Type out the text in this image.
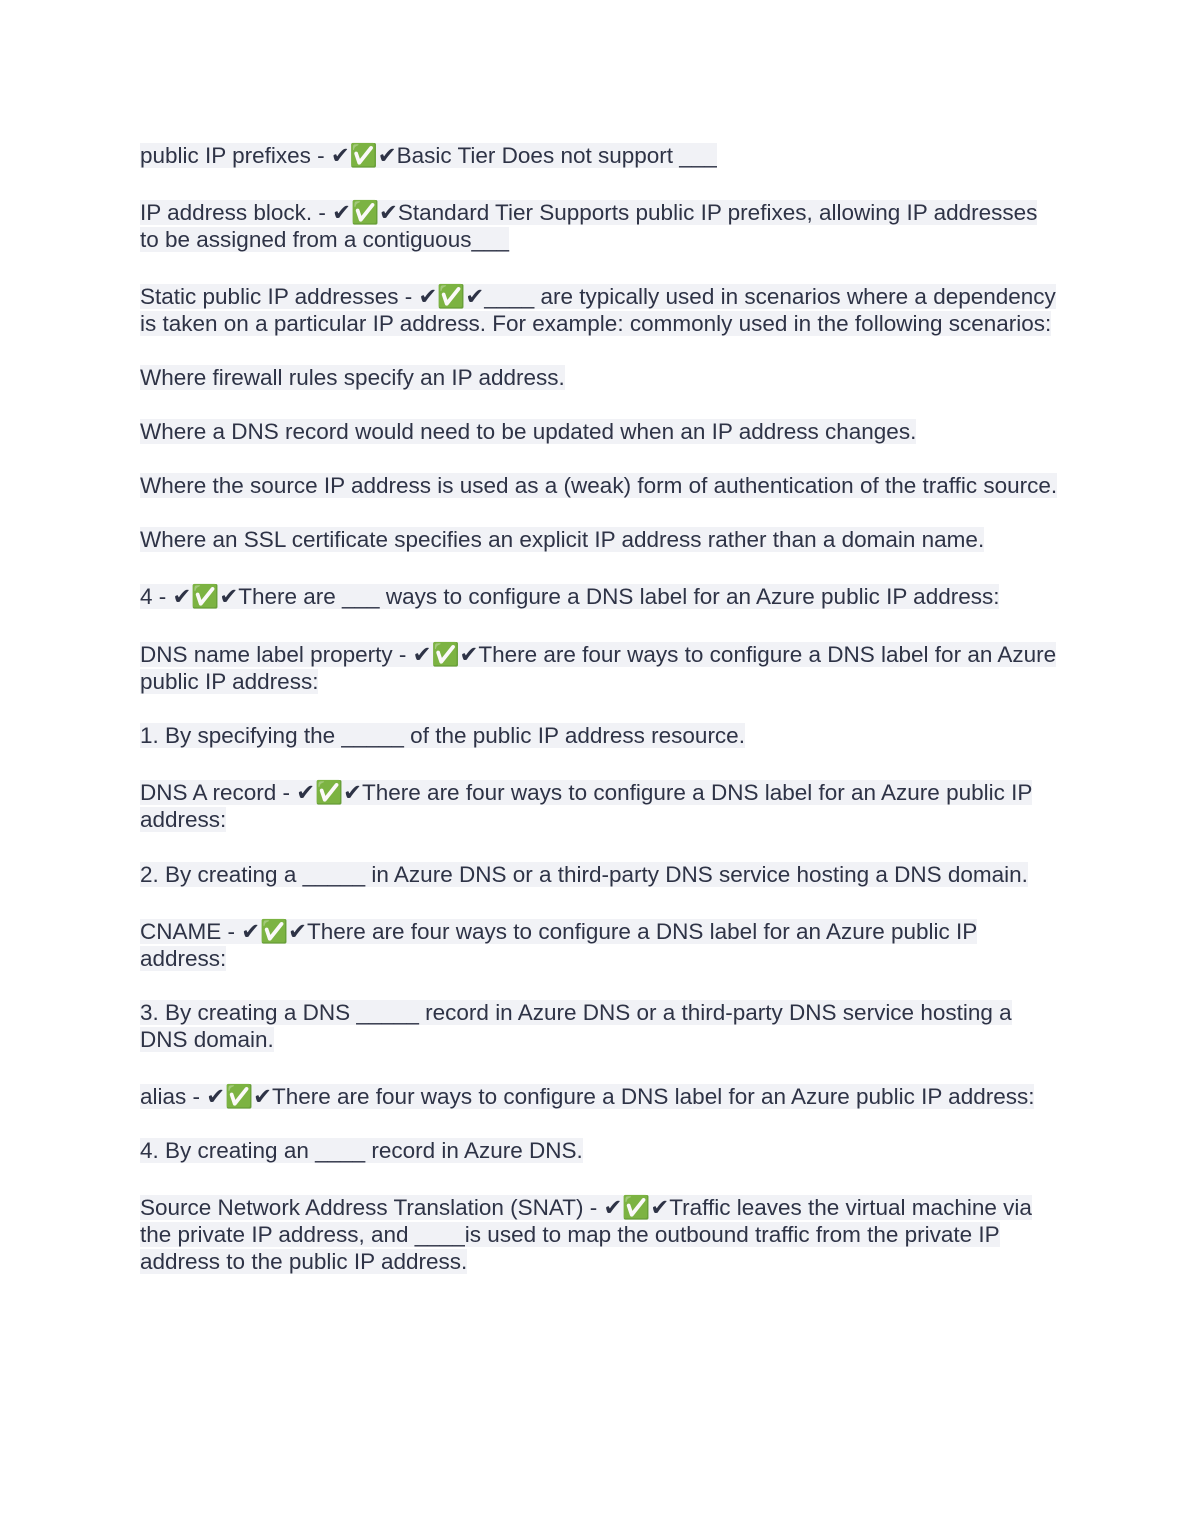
public IP prefixes - ✔✅✔Basic Tier Does not support ___

IP address block. - ✔✅✔Standard Tier Supports public IP prefixes, allowing IP addresses to be assigned from a contiguous___

Static public IP addresses - ✔✅✔____ are typically used in scenarios where a dependency is taken on a particular IP address. For example: commonly used in the following scenarios:

Where firewall rules specify an IP address.

Where a DNS record would need to be updated when an IP address changes.

Where the source IP address is used as a (weak) form of authentication of the traffic source.

Where an SSL certificate specifies an explicit IP address rather than a domain name.

4 - ✔✅✔There are ___ ways to configure a DNS label for an Azure public IP address:

DNS name label property - ✔✅✔There are four ways to configure a DNS label for an Azure public IP address:

1. By specifying the _____ of the public IP address resource.

DNS A record - ✔✅✔There are four ways to configure a DNS label for an Azure public IP address:

2. By creating a _____ in Azure DNS or a third-party DNS service hosting a DNS domain.

CNAME - ✔✅✔There are four ways to configure a DNS label for an Azure public IP address:

3. By creating a DNS _____ record in Azure DNS or a third-party DNS service hosting a DNS domain.

alias - ✔✅✔There are four ways to configure a DNS label for an Azure public IP address:

4. By creating an ____ record in Azure DNS.

Source Network Address Translation (SNAT) - ✔✅✔Traffic leaves the virtual machine via the private IP address, and ____is used to map the outbound traffic from the private IP address to the public IP address.
